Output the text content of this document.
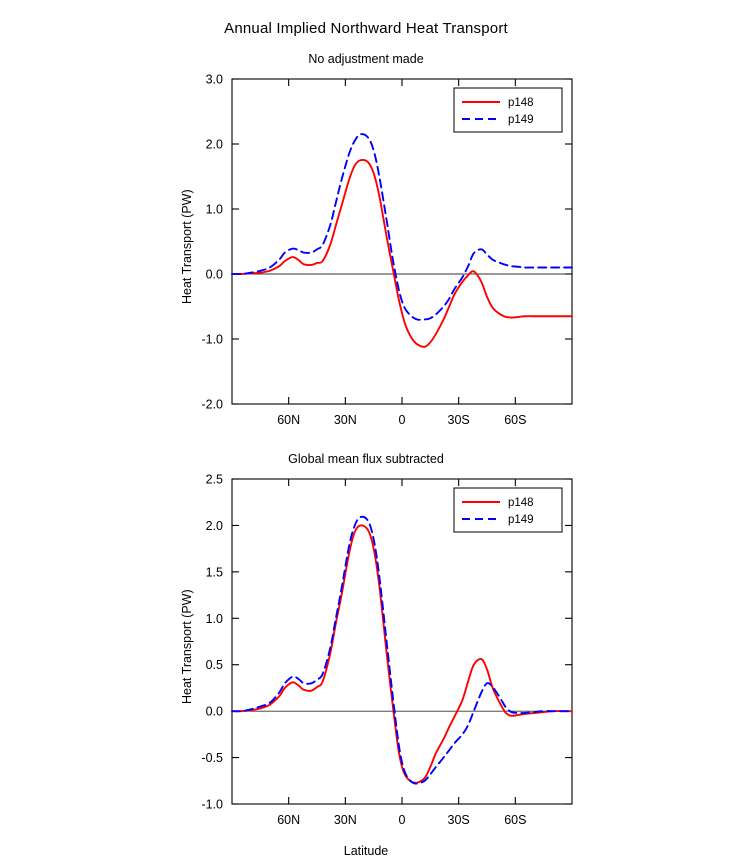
Annual Implied Northward Heat Transport
No adjustment made
Heat Transport (PW)
-2.0
-1.0
0.0
1.0
2.0
3.0
60N	30N	0	30S	60S
p148
p149
Global mean flux subtracted
Heat Transport (PW)
-1.0
-0.5
0.0
0.5
1.0
1.5
2.0
2.5
60N	30N	0	30S	60S
p148
p149
Latitude
